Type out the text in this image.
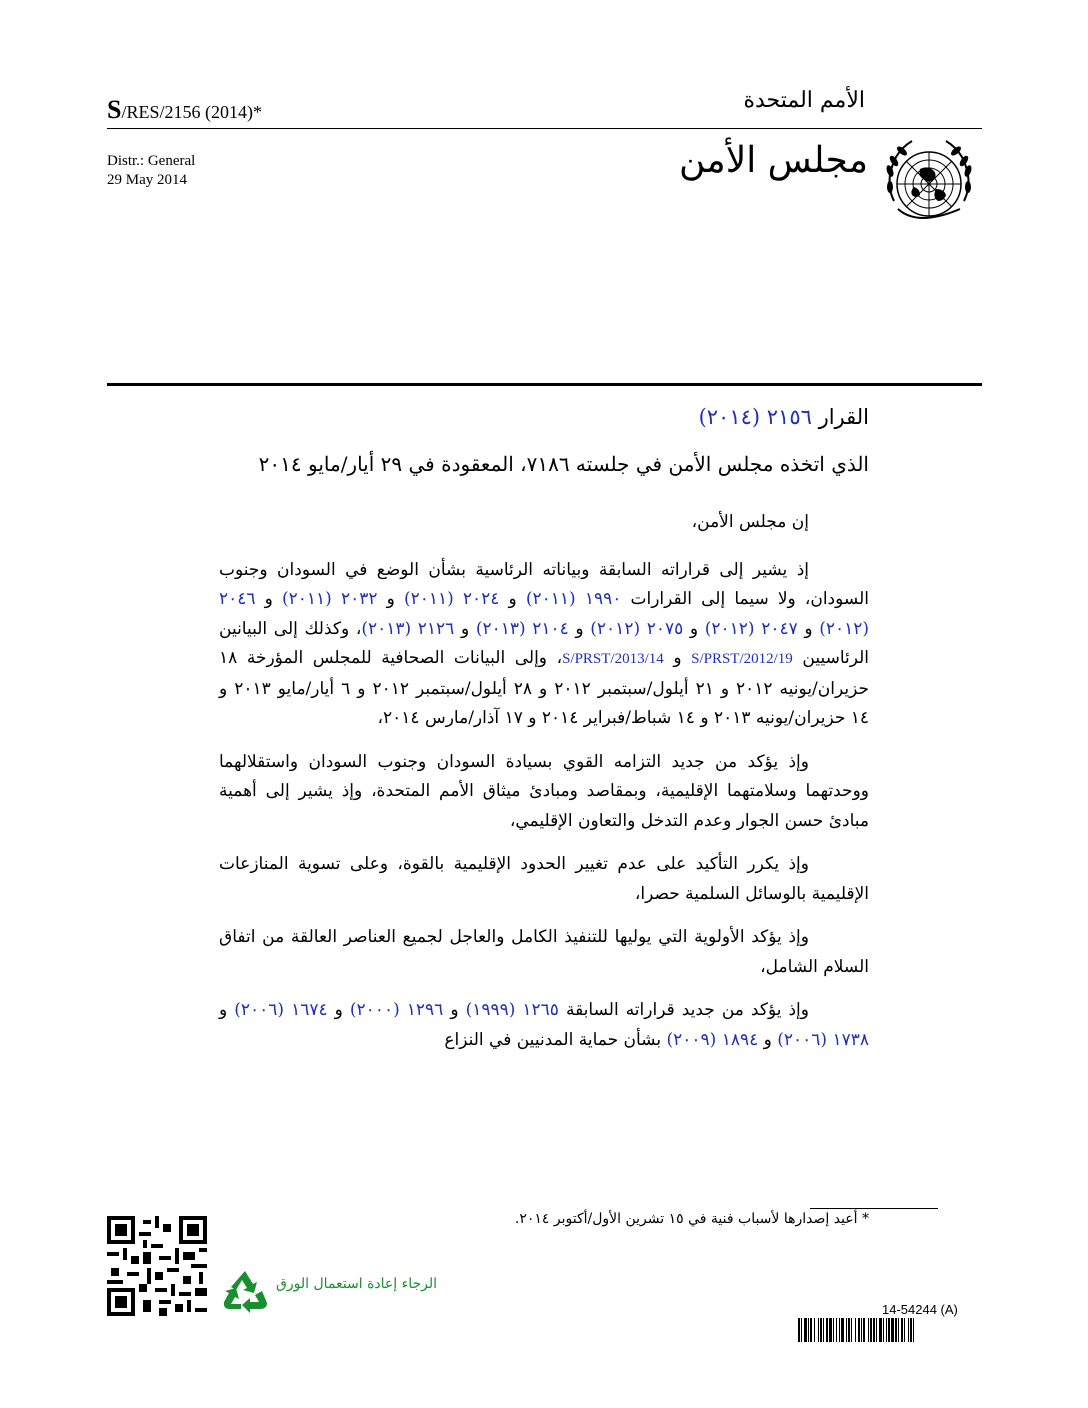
S/RES/2156 (2014)*	الأمم المتحدة
Distr.: General
29 May 2014	مجلس الأمن
القرار ٢١٥٦ (٢٠١٤)
الذي اتخذه مجلس الأمن في جلسته ٧١٨٦، المعقودة في ٢٩ أيار/مايو ٢٠١٤

إن مجلس الأمن،

إذ يشير إلى قراراته السابقة وبياناته الرئاسية بشأن الوضع في السودان وجنوب السودان، ولا سيما إلى القرارات ١٩٩٠ (٢٠١١) و ٢٠٢٤ (٢٠١١) و ٢٠٣٢ (٢٠١١) و ٢٠٤٦ (٢٠١٢) و ٢٠٤٧ (٢٠١٢) و ٢٠٧٥ (٢٠١٢) و ٢١٠٤ (٢٠١٣) و ٢١٢٦ (٢٠١٣)، وكذلك إلى البيانين الرئاسيين S/PRST/2012/19 و S/PRST/2013/14، وإلى البيانات الصحافية للمجلس المؤرخة ١٨ حزيران/يونيه ٢٠١٢ و ٢١ أيلول/سبتمبر ٢٠١٢ و ٢٨ أيلول/سبتمبر ٢٠١٢ و ٦ أيار/مايو ٢٠١٣ و ١٤ حزيران/يونيه ٢٠١٣ و ١٤ شباط/فبراير ٢٠١٤ و ١٧ آذار/مارس ٢٠١٤،

وإذ يؤكد من جديد التزامه القوي بسيادة السودان وجنوب السودان واستقلالهما ووحدتهما وسلامتهما الإقليمية، وبمقاصد ومبادئ ميثاق الأمم المتحدة، وإذ يشير إلى أهمية مبادئ حسن الجوار وعدم التدخل والتعاون الإقليمي،

وإذ يكرر التأكيد على عدم تغيير الحدود الإقليمية بالقوة، وعلى تسوية المنازعات الإقليمية بالوسائل السلمية حصرا،

وإذ يؤكد الأولوية التي يوليها للتنفيذ الكامل والعاجل لجميع العناصر العالقة من اتفاق السلام الشامل،

وإذ يؤكد من جديد قراراته السابقة ١٢٦٥ (١٩٩٩) و ١٢٩٦ (٢٠٠٠) و ١٦٧٤ (٢٠٠٦) و ١٧٣٨ (٢٠٠٦) و ١٨٩٤ (٢٠٠٩) بشأن حماية المدنيين في النزاع

* أعيد إصدارها لأسباب فنية في ١٥ تشرين الأول/أكتوبر ٢٠١٤.
الرجاء إعادة استعمال الورق
14-54244 (A)
